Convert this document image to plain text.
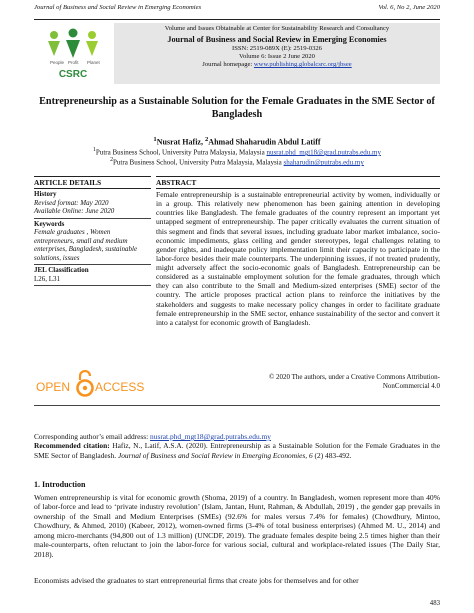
Journal of Business and Social Review in Emerging Economies	Vol. 6, No 2, June 2020
People Profit Planet
CSRC
Volume and Issues Obtainable at Center for Sustainability Research and Consultancy
Journal of Business and Social Review in Emerging Economies
ISSN: 2519-089X (E): 2519-0326
Volume 6: Issue 2 June 2020
Journal homepage: www.publishing.globalcsrc.org/jbsee
Entrepreneurship as a Sustainable Solution for the Female Graduates in the SME Sector of Bangladesh
$^1$Nusrat Hafiz, $^2$Ahmad Shaharudin Abdul Latiff
$^1$Putra Business School, University Putra Malaysia, Malaysia nusrat.phd_mgt18@grad.putrabs.edu.my
$^2$Putra Business School, University Putra Malaysia, Malaysia shaharudin@putrabs.edu.my
ARTICLE DETAILS
History
Revised format: May 2020
Available Online: June 2020
Keywords
Female graduates , Women entrepreneurs, small and medium enterprises, Bangladesh, sustainable solutions, issues
JEL Classification
L26, L31
ABSTRACT
Female entrepreneurship is a sustainable entrepreneurial activity by women, individually or in a group. This relatively new phenomenon has been gaining attention in developing countries like Bangladesh. The female graduates of the country represent an important yet untapped segment of entrepreneurship. The paper critically evaluates the current situation of this segment and finds that several issues, including graduate labor market imbalance, socio-economic impediments, glass ceiling and gender stereotypes, legal challenges relating to gender rights, and inadequate policy implementation limit their capacity to participate in the labor-force besides their male counterparts. The underpinning issues, if not treated prudently, might adversely affect the socio-economic goals of Bangladesh. Entrepreneurship can be considered as a sustainable employment solution for the female graduates, through which they can also contribute to the Small and Medium-sized enterprises (SME) sector of the country. The article proposes practical action plans to reinforce the initiatives by the stakeholders and suggests to make necessary policy changes in order to facilitate graduate female entrepreneurship in the SME sector, enhance sustainability of the sector and convert it into a catalyst for economic growth of Bangladesh.
OPEN ACCESS
© 2020 The authors, under a Creative Commons Attribution-NonCommercial 4.0
Corresponding author’s email address: nusrat.phd_mgt18@grad.putrabs.edu.my
Recommended citation: Hafiz, N., Latif, A.S.A. (2020). Entrepreneurship as a Sustainable Solution for the Female Graduates in the SME Sector of Bangladesh. Journal of Business and Social Review in Emerging Economies, 6 (2) 483-492.
1. Introduction
Women entrepreneurship is vital for economic growth (Shoma, 2019) of a country. In Bangladesh, women represent more than 40% of labor-force and lead to ‘private industry revolution’ (Islam, Jantan, Hunt, Rahman, & Abdullah, 2019) , the gender gap prevails in ownership of the Small and Medium Enterprises (SMEs) (92.6% for males versus 7.4% for females) (Chowdhury, Mintoo, Chowdhury, & Ahmed, 2010) (Kabeer, 2012), women-owned firms (3-4% of total business enterprises) (Ahmed M. U., 2014) and among micro-merchants (94,800 out of 1.3 million) (UNCDF, 2019). The graduate females despite being 2.5 times higher than their male-counterparts, often reluctant to join the labor-force for various social, cultural and workplace-related issues (The Daily Star, 2018).
Economists advised the graduates to start entrepreneurial firms that create jobs for themselves and for other
483
